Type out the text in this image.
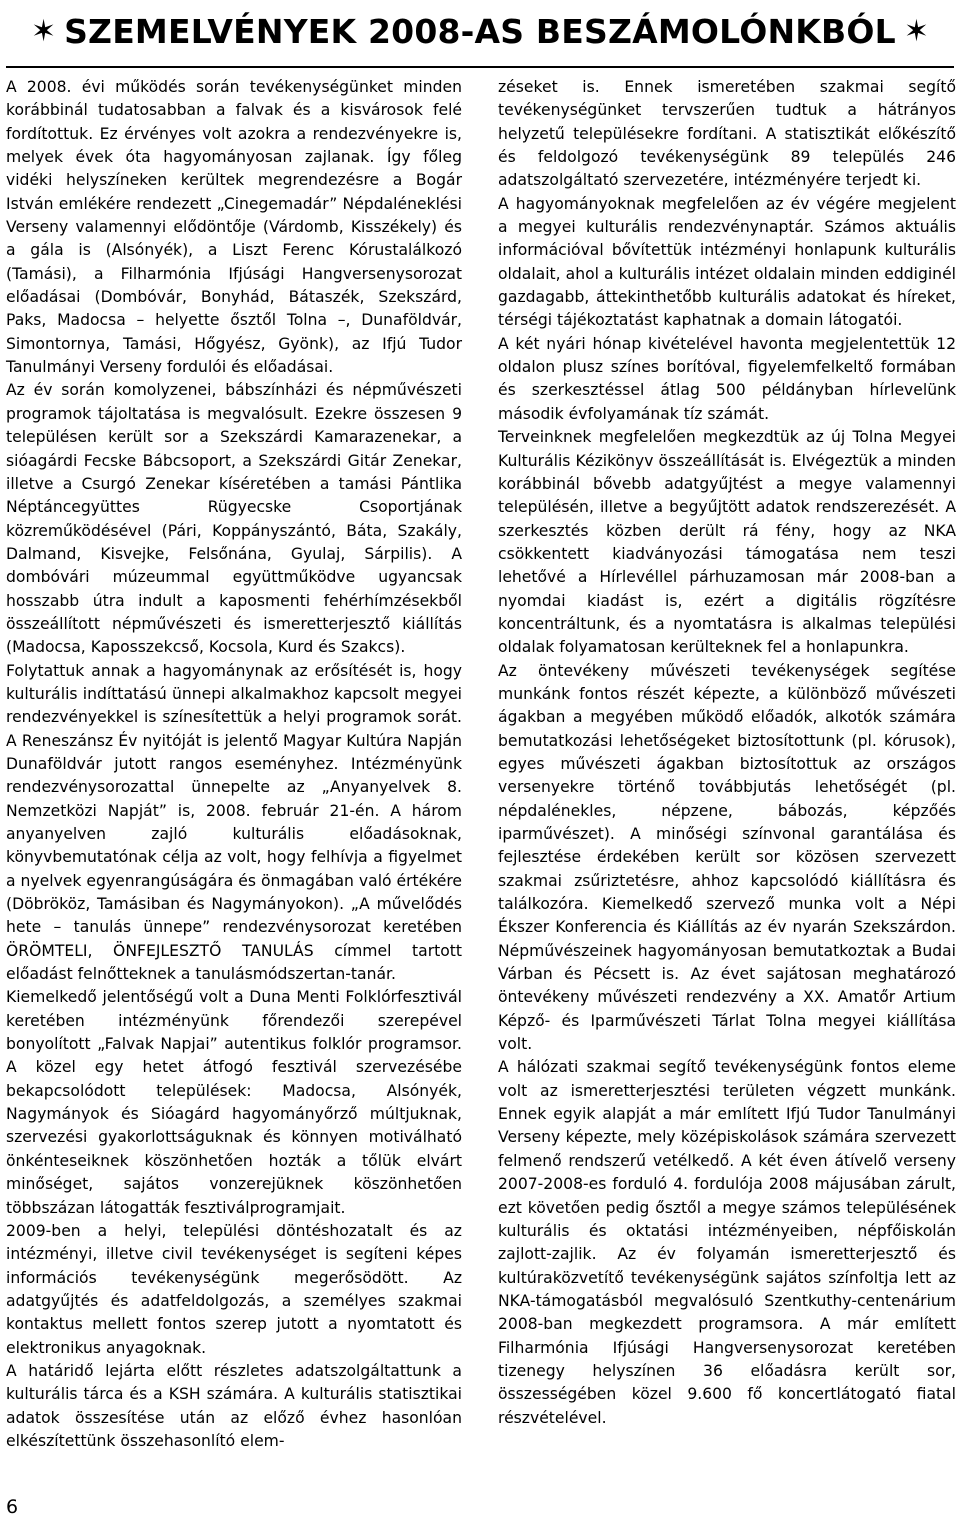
✶ SZEMELVÉNYEK 2008-AS BESZÁMOLÓNKBÓL ✶

A 2008. évi működés során tevékenységünket minden korábbinál tudatosabban a falvak és a kisvárosok felé fordítottuk. Ez érvényes volt azokra a rendezvényekre is, melyek évek óta hagyományosan zajlanak. Így főleg vidéki helyszíneken kerültek megrendezésre a Bogár István emlékére rendezett „Cinegemadár” Népdaléneklési Verseny valamennyi elődöntője (Várdomb, Kisszékely) és a gála is (Alsónyék), a Liszt Ferenc Kórustalálkozó (Tamási), a Filharmónia Ifjúsági Hangversenysorozat előadásai (Dombóvár, Bonyhád, Bátaszék, Szekszárd, Paks, Madocsa – helyette ősztől Tolna –, Dunaföldvár, Simontornya, Tamási, Hőgyész, Gyönk), az Ifjú Tudor Tanulmányi Verseny fordulói és előadásai.

Az év során komolyzenei, bábszínházi és népművészeti programok tájoltatása is megvalósult. Ezekre összesen 9 településen került sor a Szekszárdi Kamarazenekar, a sióagárdi Fecske Bábcsoport, a Szekszárdi Gitár Zenekar, illetve a Csurgó Zenekar kíséretében a tamási Pántlika Néptáncegyüttes Rügyecske Csoportjának közreműködésével (Pári, Koppányszántó, Báta, Szakály, Dalmand, Kisvejke, Felsőnána, Gyulaj, Sárpilis). A dombóvári múzeummal együttműködve ugyancsak hosszabb útra indult a kaposmenti fehérhímzésekből összeállított népművészeti és ismeretterjesztő kiállítás (Madocsa, Kaposszekcső, Kocsola, Kurd és Szakcs).

Folytattuk annak a hagyománynak az erősítését is, hogy kulturális indíttatású ünnepi alkalmakhoz kapcsolt megyei rendezvényekkel is színesítettük a helyi programok sorát. A Reneszánsz Év nyitóját is jelentő Magyar Kultúra Napján Dunaföldvár jutott rangos eseményhez. Intézményünk rendezvénysorozattal ünnepelte az „Anyanyelvek 8. Nemzetközi Napját” is, 2008. február 21-én. A három anyanyelven zajló kulturális előadásoknak, könyvbemutatónak célja az volt, hogy felhívja a figyelmet a nyelvek egyenrangúságára és önmagában való értékére (Döbrököz, Tamásiban és Nagymányokon). „A művelődés hete – tanulás ünnepe” rendezvénysorozat keretében ÖRÖMTELI, ÖNFEJLESZTŐ TANULÁS címmel tartott előadást felnőtteknek a tanulásmódszertan-tanár.

Kiemelkedő jelentőségű volt a Duna Menti Folklórfesztivál keretében intézményünk főrendezői szerepével bonyolított „Falvak Napjai” autentikus folklór programsor. A közel egy hetet átfogó fesztivál szervezésébe bekapcsolódott települések: Madocsa, Alsónyék, Nagymányok és Sióagárd hagyományőrző múltjuknak, szervezési gyakorlottságuknak és könnyen motiválható önkénteseiknek köszönhetően hozták a tőlük elvárt minőséget, sajátos vonzerejüknek köszönhetően többszázan látogatták fesztiválprogramjait.

2009-ben a helyi, települési döntéshozatalt és az intézményi, illetve civil tevékenységet is segíteni képes információs tevékenységünk megerősödött. Az adatgyűjtés és adatfeldolgozás, a személyes szakmai kontaktus mellett fontos szerep jutott a nyomtatott és elektronikus anyagoknak.

A határidő lejárta előtt részletes adatszolgáltattunk a kulturális tárca és a KSH számára. A kulturális statisztikai adatok összesítése után az előző évhez hasonlóan elkészítettünk összehasonlító elem-

zéseket is. Ennek ismeretében szakmai segítő tevékenységünket tervszerűen tudtuk a hátrányos helyzetű településekre fordítani. A statisztikát előkészítő és feldolgozó tevékenységünk 89 település 246 adatszolgáltató szervezetére, intézményére terjedt ki.

A hagyományoknak megfelelően az év végére megjelent a megyei kulturális rendezvénynaptár. Számos aktuális információval bővítettük intézményi honlapunk kulturális oldalait, ahol a kulturális intézet oldalain minden eddiginél gazdagabb, áttekinthetőbb kulturális adatokat és híreket, térségi tájékoztatást kaphatnak a domain látogatói.

A két nyári hónap kivételével havonta megjelentettük 12 oldalon plusz színes borítóval, figyelemfelkeltő formában és szerkesztéssel átlag 500 példányban hírlevelünk második évfolyamának tíz számát.

Terveinknek megfelelően megkezdtük az új Tolna Megyei Kulturális Kézikönyv összeállítását is. Elvégeztük a minden korábbinál bővebb adatgyűjtést a megye valamennyi településén, illetve a begyűjtött adatok rendszerezését. A szerkesztés közben derült rá fény, hogy az NKA csökkentett kiadványozási támogatása nem teszi lehetővé a Hírlevéllel párhuzamosan már 2008-ban a nyomdai kiadást is, ezért a digitális rögzítésre koncentráltunk, és a nyomtatásra is alkalmas települési oldalak folyamatosan kerülteknek fel a honlapunkra.

Az öntevékeny művészeti tevékenységek segítése munkánk fontos részét képezte, a különböző művészeti ágakban a megyében működő előadók, alkotók számára bemutatkozási lehetőségeket biztosítottunk (pl. kórusok), egyes művészeti ágakban biztosítottuk az országos versenyekre történő továbbjutás lehetőségét (pl. népdalénekles, népzene, bábozás, képzőés iparművészet). A minőségi színvonal garantálása és fejlesztése érdekében került sor közösen szervezett szakmai zsűriztetésre, ahhoz kapcsolódó kiállításra és találkozóra. Kiemelkedő szervező munka volt a Népi Ékszer Konferencia és Kiállítás az év nyarán Szekszárdon. Népművészeinek hagyományosan bemutatkoztak a Budai Várban és Pécsett is. Az évet sajátosan meghatározó öntevékeny művészeti rendezvény a XX. Amatőr Artium Képző- és Iparművészeti Tárlat Tolna megyei kiállítása volt.

A hálózati szakmai segítő tevékenységünk fontos eleme volt az ismeretterjesztési területen végzett munkánk. Ennek egyik alapját a már említett Ifjú Tudor Tanulmányi Verseny képezte, mely középiskolások számára szervezett felmenő rendszerű vetélkedő. A két éven átívelő verseny 2007-2008-es forduló 4. fordulója 2008 májusában zárult, ezt követően pedig ősztől a megye számos településének kulturális és oktatási intézményeiben, népfőiskolán zajlott-zajlik. Az év folyamán ismeretterjesztő és kultúraközvetítő tevékenységünk sajátos színfoltja lett az NKA-támogatásból megvalósuló Szentkuthy-centenárium 2008-ban megkezdett programsora. A már említett Filharmónia Ifjúsági Hangversenysorozat keretében tizenegy helyszínen 36 előadásra került sor, összességében közel 9.600 fő koncertlátogató fiatal részvételével.

6
